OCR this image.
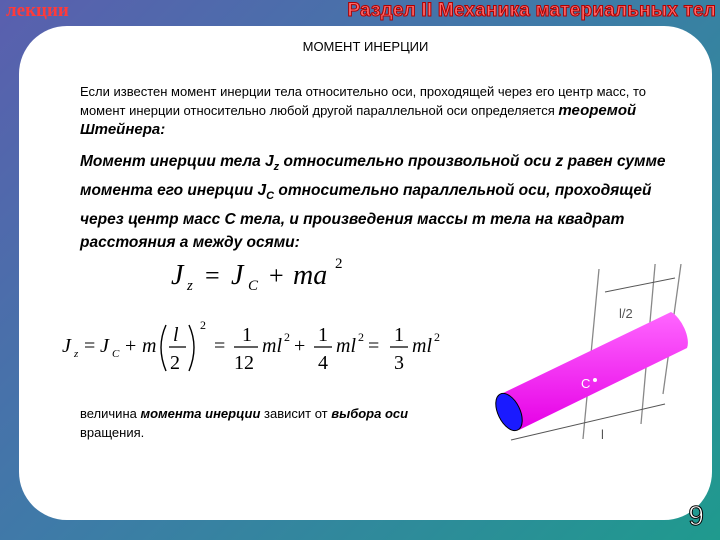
лекции	Раздел II Механика материальных тел
МОМЕНТ ИНЕРЦИИ
Если известен момент инерции тела относительно оси, проходящей через его центр масс, то момент инерции относительно любой другой параллельной оси определяется теоремой Штейнера:
Момент инерции тела $J_z$ относительно произвольной оси z равен сумме момента его инерции $J_C$ относительно параллельной оси, проходящей через центр масс С тела, и произведения массы m тела на квадрат расстояния a между осями:
J z = J C + ma 2
J z = J C + m l
2
2
= 1
12
ml 2 + 1
4
ml 2 = 1
3
ml 2
l/2
C
l
величина момента инерции зависит от выбора оси вращения.
9
